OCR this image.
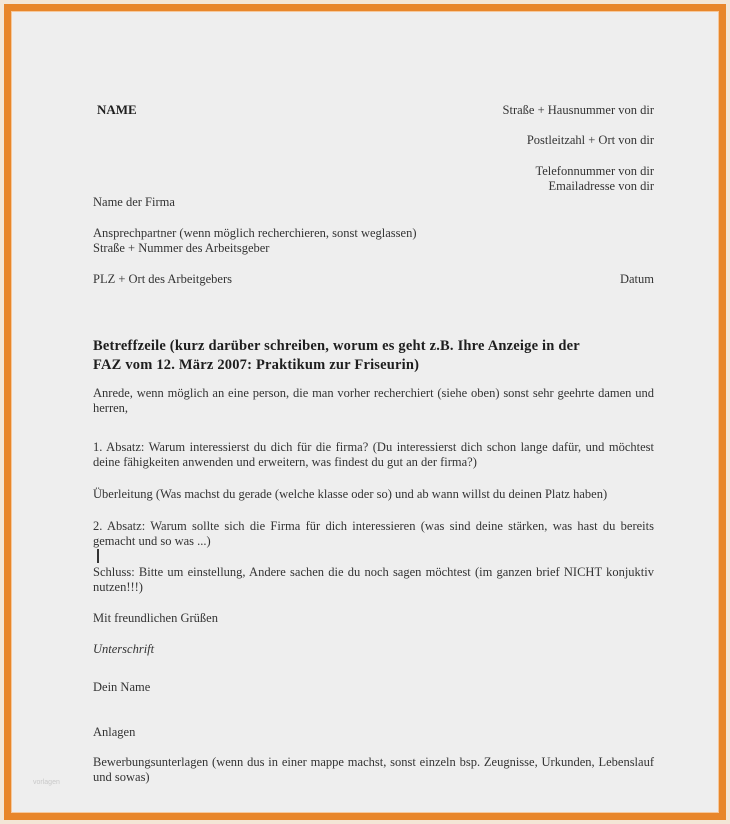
NAME	Straße + Hausnummer von dir
Postleitzahl + Ort von dir
Telefonnummer von dir
Emailadresse von dir
Name der Firma
Ansprechpartner (wenn möglich recherchieren, sonst weglassen)
Straße + Nummer des Arbeitsgeber
PLZ + Ort des Arbeitgebers	Datum
Betreffzeile (kurz darüber schreiben, worum es geht z.B. Ihre Anzeige in der
FAZ vom 12. März 2007: Praktikum zur Friseurin)
Anrede, wenn möglich an eine person, die man vorher recherchiert (siehe oben) sonst sehr geehrte damen und herren,
1. Absatz: Warum interessierst du dich für die firma? (Du interessierst dich schon lange dafür, und möchtest deine fähigkeiten anwenden und erweitern, was findest du gut an der firma?)
Überleitung (Was machst du gerade (welche klasse oder so) und ab wann willst du deinen Platz haben)
2. Absatz: Warum sollte sich die Firma für dich interessieren (was sind deine stärken, was hast du bereits gemacht und so was ...)
Schluss: Bitte um einstellung, Andere sachen die du noch sagen möchtest (im ganzen brief NICHT konjuktiv nutzen!!!)
Mit freundlichen Grüßen
Unterschrift
Dein Name
Anlagen
Bewerbungsunterlagen (wenn dus in einer mappe machst, sonst einzeln bsp. Zeugnisse, Urkunden, Lebenslauf und sowas)
vorlagen
